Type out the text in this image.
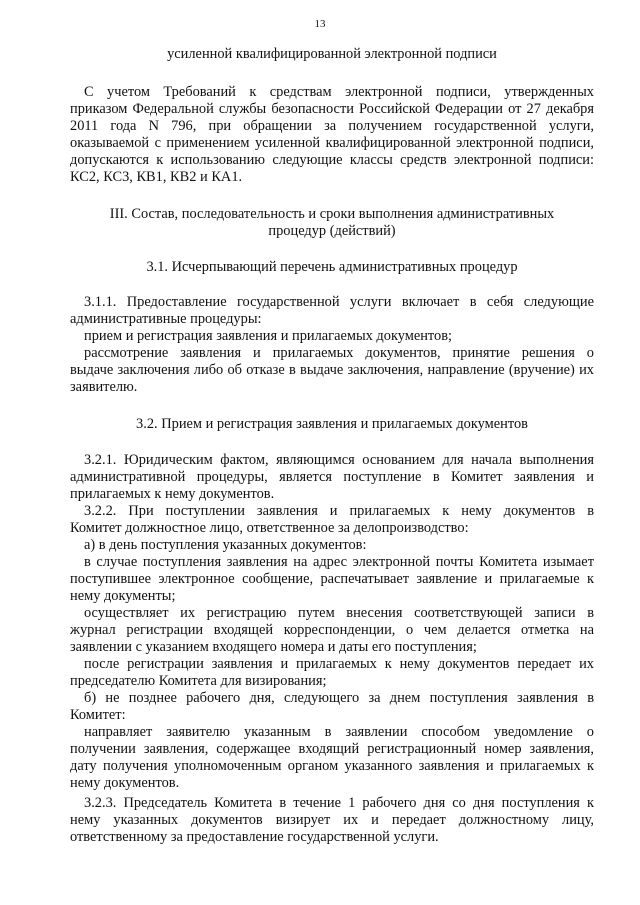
13
усиленной квалифицированной электронной подписи
С учетом Требований к средствам электронной подписи, утвержденных
приказом Федеральной службы безопасности Российской Федерации от 27 декабря
2011 года N 796, при обращении за получением государственной услуги,
оказываемой с применением усиленной квалифицированной электронной подписи,
допускаются к использованию следующие классы средств электронной подписи:
КС2, КС3, КВ1, КВ2 и КА1.
III. Состав, последовательность и сроки выполнения административных
процедур (действий)
3.1. Исчерпывающий перечень административных процедур
3.1.1. Предоставление государственной услуги включает в себя следующие
административные процедуры:
прием и регистрация заявления и прилагаемых документов;
рассмотрение заявления и прилагаемых документов, принятие решения о
выдаче заключения либо об отказе в выдаче заключения, направление (вручение) их
заявителю.
3.2. Прием и регистрация заявления и прилагаемых документов
3.2.1. Юридическим фактом, являющимся основанием для начала выполнения
административной процедуры, является поступление в Комитет заявления и
прилагаемых к нему документов.
3.2.2. При поступлении заявления и прилагаемых к нему документов в
Комитет должностное лицо, ответственное за делопроизводство:
а) в день поступления указанных документов:
в случае поступления заявления на адрес электронной почты Комитета изымает
поступившее электронное сообщение, распечатывает заявление и прилагаемые к
нему документы;
осуществляет их регистрацию путем внесения соответствующей записи в
журнал регистрации входящей корреспонденции, о чем делается отметка на
заявлении с указанием входящего номера и даты его поступления;
после регистрации заявления и прилагаемых к нему документов передает их
председателю Комитета для визирования;
б) не позднее рабочего дня, следующего за днем поступления заявления в
Комитет:
направляет заявителю указанным в заявлении способом уведомление о
получении заявления, содержащее входящий регистрационный номер заявления,
дату получения уполномоченным органом указанного заявления и прилагаемых к
нему документов.
3.2.3. Председатель Комитета в течение 1 рабочего дня со дня поступления к
нему указанных документов визирует их и передает должностному лицу,
ответственному за предоставление государственной услуги.
